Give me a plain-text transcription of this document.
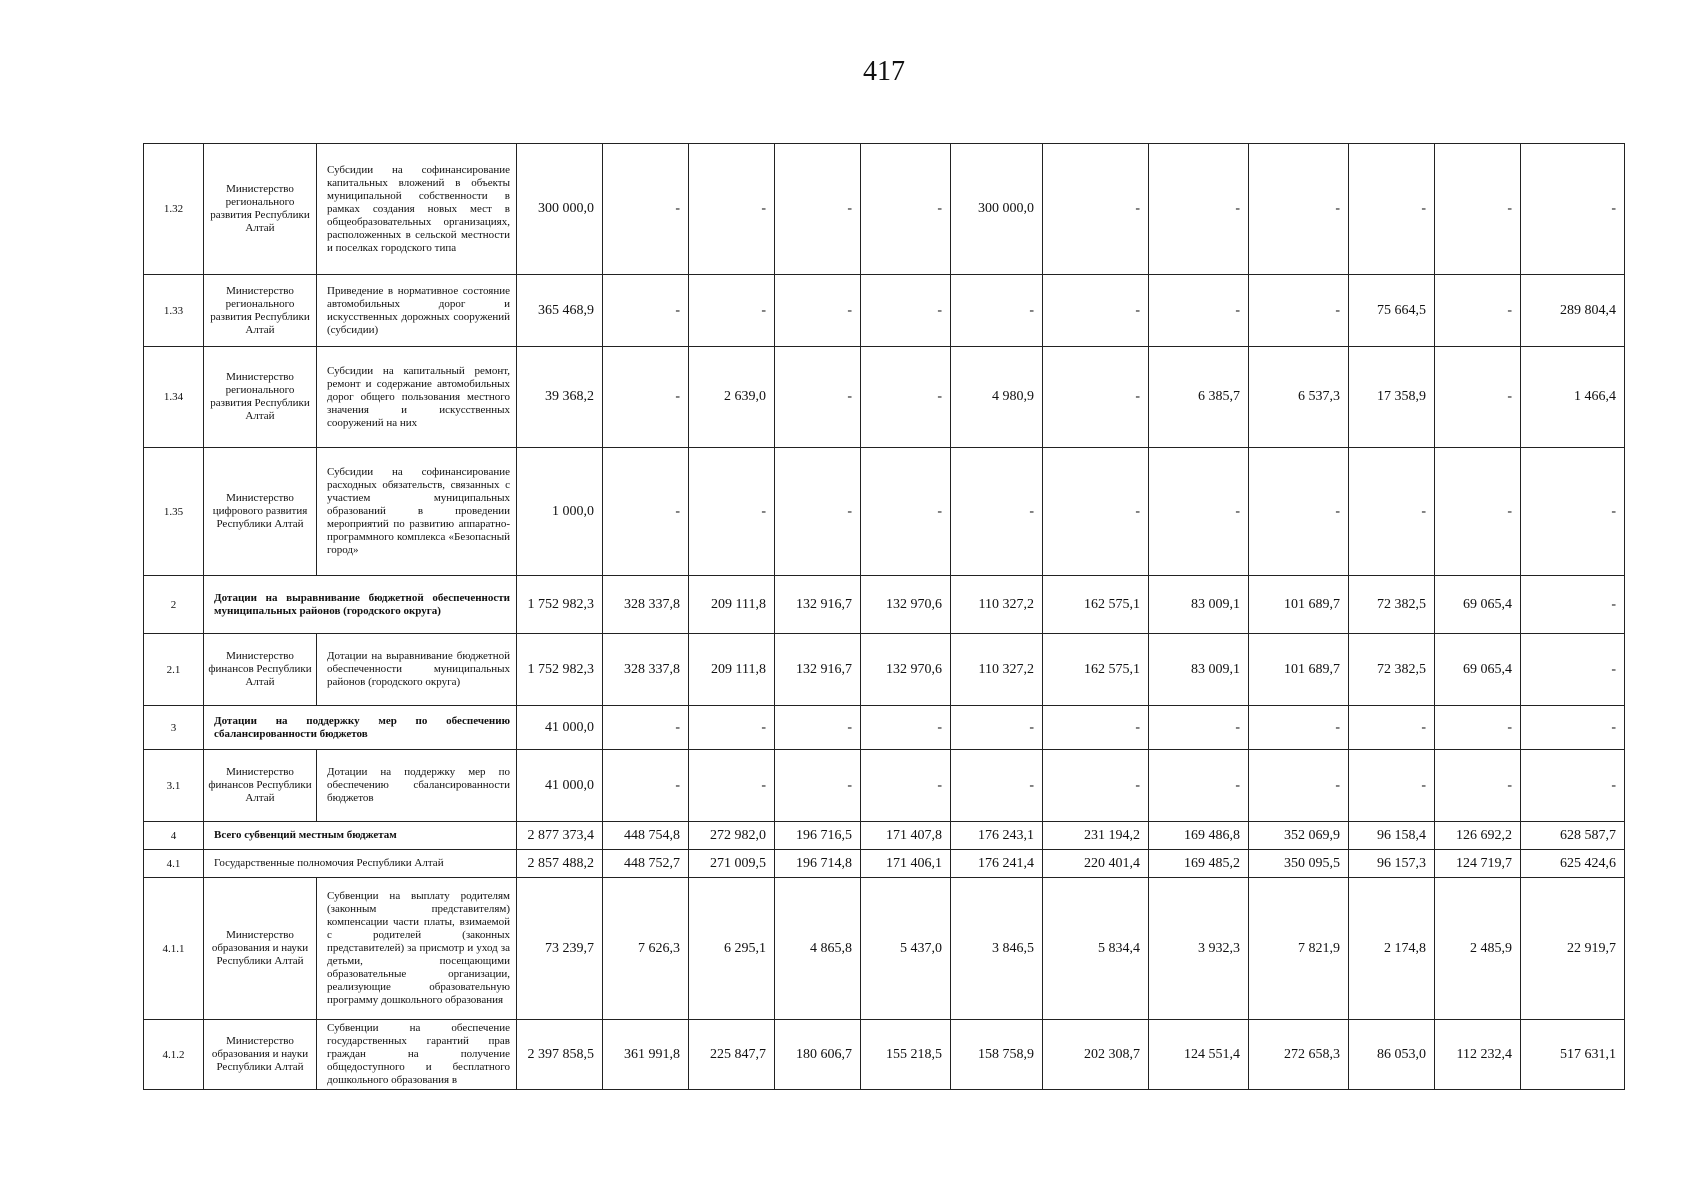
417
1.32	Министерство регионального развития Республики Алтай	Субсидии на софинансирование капитальных вложений в объекты муниципальной собственности в рамках создания новых мест в общеобразовательных организациях, расположенных в сельской местности и поселках городского типа	300 000,0	-	-	-	-	300 000,0	-	-	-	-	-	-
1.33	Министерство регионального развития Республики Алтай	Приведение в нормативное состояние автомобильных дорог и искусственных дорожных сооружений (субсидии)	365 468,9	-	-	-	-	-	-	-	-	75 664,5	-	289 804,4
1.34	Министерство регионального развития Республики Алтай	Субсидии на капитальный ремонт, ремонт и содержание автомобильных дорог общего пользования местного значения и искусственных сооружений на них	39 368,2	-	2 639,0	-	-	4 980,9	-	6 385,7	6 537,3	17 358,9	-	1 466,4
1.35	Министерство цифрового развития Республики Алтай	Субсидии на софинансирование расходных обязательств, связанных с участием муниципальных образований в проведении мероприятий по развитию аппаратно-программного комплекса «Безопасный город»	1 000,0	-	-	-	-	-	-	-	-	-	-	-
2	Дотации на выравнивание бюджетной обеспеченности муниципальных районов (городского округа)		1 752 982,3	328 337,8	209 111,8	132 916,7	132 970,6	110 327,2	162 575,1	83 009,1	101 689,7	72 382,5	69 065,4	-
2.1	Министерство финансов Республики Алтай	Дотации на выравнивание бюджетной обеспеченности муниципальных районов (городского округа)	1 752 982,3	328 337,8	209 111,8	132 916,7	132 970,6	110 327,2	162 575,1	83 009,1	101 689,7	72 382,5	69 065,4	-
3	Дотации на поддержку мер по обеспечению сбалансированности бюджетов		41 000,0	-	-	-	-	-	-	-	-	-	-	-
3.1	Министерство финансов Республики Алтай	Дотации на поддержку мер по обеспечению сбалансированности бюджетов	41 000,0	-	-	-	-	-	-	-	-	-	-	-
4	Всего субвенций местным бюджетам		2 877 373,4	448 754,8	272 982,0	196 716,5	171 407,8	176 243,1	231 194,2	169 486,8	352 069,9	96 158,4	126 692,2	628 587,7
4.1	Государственные полномочия Республики Алтай		2 857 488,2	448 752,7	271 009,5	196 714,8	171 406,1	176 241,4	220 401,4	169 485,2	350 095,5	96 157,3	124 719,7	625 424,6
4.1.1	Министерство образования и науки Республики Алтай	Субвенции на выплату родителям (законным представителям) компенсации части платы, взимаемой с родителей (законных представителей) за присмотр и уход за детьми, посещающими образовательные организации, реализующие образовательную программу дошкольного образования	73 239,7	7 626,3	6 295,1	4 865,8	5 437,0	3 846,5	5 834,4	3 932,3	7 821,9	2 174,8	2 485,9	22 919,7
4.1.2	Министерство образования и науки Республики Алтай	Субвенции на обеспечение государственных гарантий прав граждан на получение общедоступного и бесплатного дошкольного образования в	2 397 858,5	361 991,8	225 847,7	180 606,7	155 218,5	158 758,9	202 308,7	124 551,4	272 658,3	86 053,0	112 232,4	517 631,1
